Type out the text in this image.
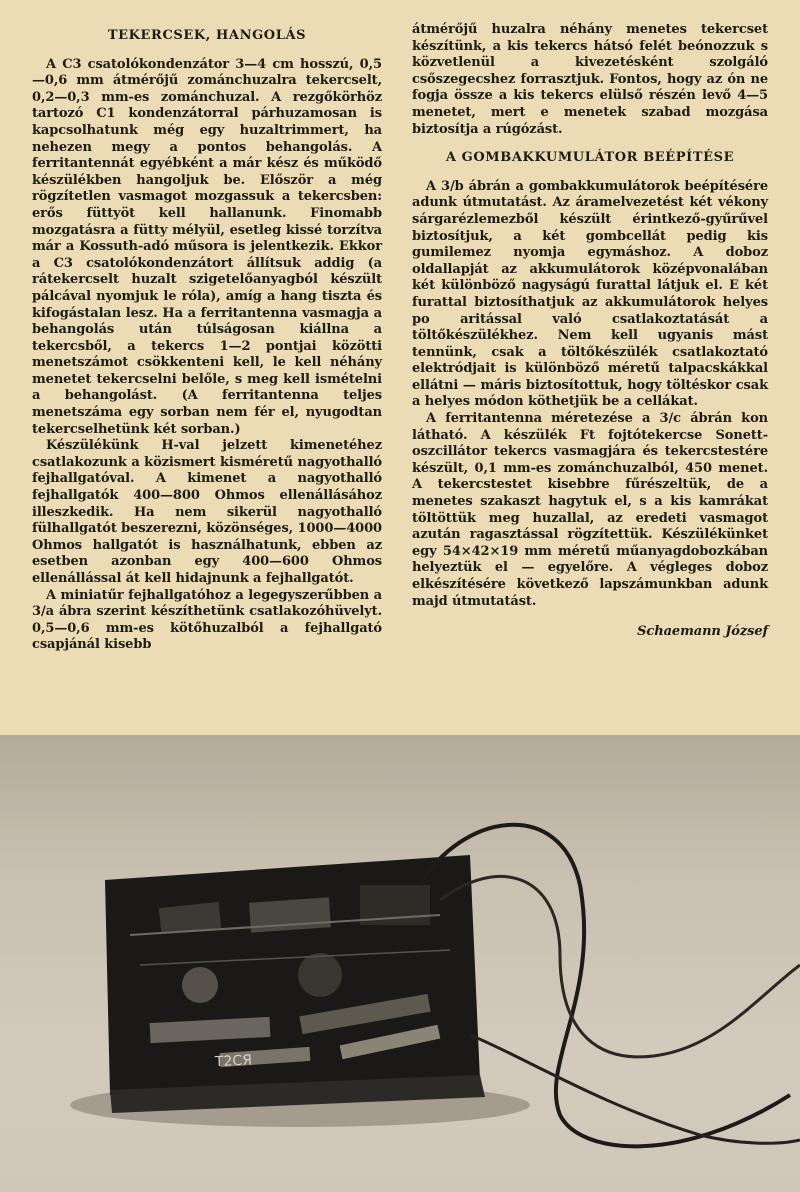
TEKERCSEK, HANGOLÁS

A C3 csatolókondenzátor 3—4 cm hosszú, 0,5—0,6 mm átmérőjű zománchuzalra tekercselt, 0,2—0,3 mm-es zománchuzal. A rezgőkörhöz tartozó C1 kondenzátorral párhuzamosan is kapcsolhatunk még egy huzaltrimmert, ha nehezen megy a pontos behangolás. A ferritantennát egyébként a már kész és működő készülékben hangoljuk be. Először a még rögzítetlen vasmagot mozgassuk a tekercsben: erős füttyöt kell hallanunk. Finomabb mozgatásra a fütty mélyül, esetleg kissé torzítva már a Kossuth-adó műsora is jelentkezik. Ekkor a C3 csatolókondenzátort állítsuk addig (a rátekercselt huzalt szigetelőanyagból készült pálcával nyomjuk le róla), amíg a hang tiszta és kifogástalan lesz. Ha a ferritantenna vasmagja a behangolás után túlságosan kiállna a tekercsből, a tekercs 1—2 pontjai közötti menetszámot csökkenteni kell, le kell néhány menetet tekercselni belőle, s meg kell ismételni a behangolást. (A ferritantenna teljes menetszáma egy sorban nem fér el, nyugodtan tekercselhetünk két sorban.)

Készülékünk H-val jelzett kimenetéhez csatlakozunk a közismert kisméretű nagyothalló fejhallgatóval. A kimenet a nagyothalló fejhallgatók 400—800 Ohmos ellenállásához illeszkedik. Ha nem sikerül nagyothalló fülhallgatót beszerezni, közönséges, 1000—4000 Ohmos hallgatót is használhatunk, ebben az esetben azonban egy 400—600 Ohmos ellenállással át kell hidajnunk a fejhallgatót.

A miniatűr fejhallgatóhoz a legegyszerűbben a 3/a ábra szerint készíthetünk csatlakozóhüvelyt. 0,5—0,6 mm-es kötőhuzalból a fejhallgató csapjánál kisebb

átmérőjű huzalra néhány menetes tekercset készítünk, a kis tekercs hátsó felét beónozzuk s közvetlenül a kivezetésként szolgáló csőszegecshez forrasztjuk. Fontos, hogy az ón ne fogja össze a kis tekercs elülső részén levő 4—5 menetet, mert e menetek szabad mozgása biztosítja a rúgózást.

A GOMBAKKUMULÁTOR BEÉPÍTÉSE

A 3/b ábrán a gombakkumulátorok beépítésére adunk útmutatást. Az áramelvezetést két vékony sárgarézlemezből készült érintkező-gyűrűvel biztosítjuk, a két gombcellát pedig kis gumilemez nyomja egymáshoz. A doboz oldallapját az akkumulátorok középvonalában két különböző nagyságú furattal látjuk el. E két furattal biztosíthatjuk az akkumulátorok helyes po aritással való csatlakoztatását a töltőkészülékhez. Nem kell ugyanis mást tennünk, csak a töltőkészülék csatlakoztató elektródjait is különböző méretű talpacskákkal ellátni — máris biztosítottuk, hogy töltéskor csak a helyes módon köthetjük be a cellákat.

A ferritantenna méretezése a 3/c ábrán kon látható. A készülék Ft fojtótekercse Sonett-oszcillátor tekercs vasmagjára és tekercstestére készült, 0,1 mm-es zománchuzalból, 450 menet. A tekercstestet kisebbre fűrészeltük, de a menetes szakaszt hagytuk el, s a kis kamrákat töltöttük meg huzallal, az eredeti vasmagot azután ragasztással rögzítettük. Készülékünket egy 54×42×19 mm méretű műanyagdobozkában helyeztük el — egyelőre. A végleges doboz elkészítésére következő lapszámunkban adunk majd útmutatást.

Schaemann József
Т2СЯ
